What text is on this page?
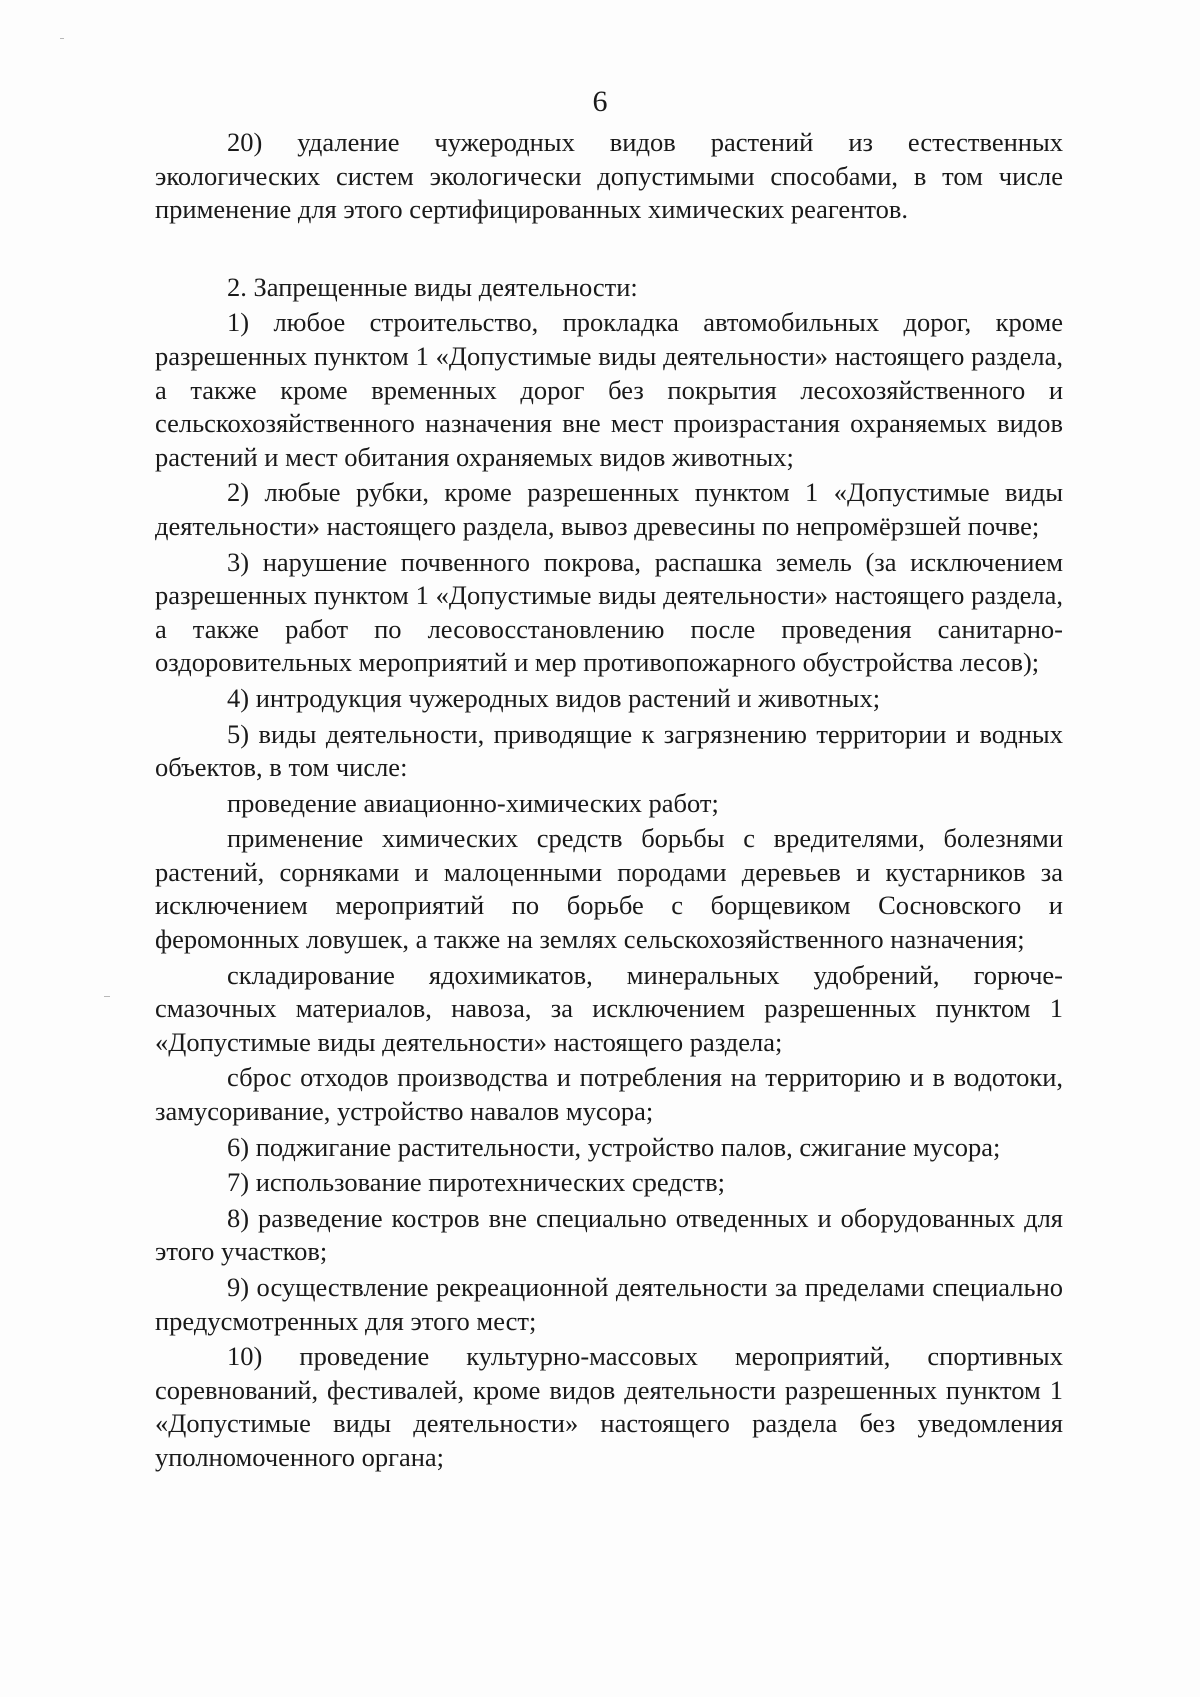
6

20) удаление чужеродных видов растений из естественных экологических систем экологически допустимыми способами, в том числе применение для этого сертифицированных химических реагентов.

2. Запрещенные виды деятельности:

1) любое строительство, прокладка автомобильных дорог, кроме разрешенных пунктом 1 «Допустимые виды деятельности» настоящего раздела, а также кроме временных дорог без покрытия лесохозяйственного и сельскохозяйственного назначения вне мест произрастания охраняемых видов растений и мест обитания охраняемых видов животных;

2) любые рубки, кроме разрешенных пунктом 1 «Допустимые виды деятельности» настоящего раздела, вывоз древесины по непромёрзшей почве;

3) нарушение почвенного покрова, распашка земель (за исключением разрешенных пунктом 1 «Допустимые виды деятельности» настоящего раздела, а также работ по лесовосстановлению после проведения санитарно-оздоровительных мероприятий и мер противопожарного обустройства лесов);

4) интродукция чужеродных видов растений и животных;

5) виды деятельности, приводящие к загрязнению территории и водных объектов, в том числе:

проведение авиационно-химических работ;

применение химических средств борьбы с вредителями, болезнями растений, сорняками и малоценными породами деревьев и кустарников за исключением мероприятий по борьбе с борщевиком Сосновского и феромонных ловушек, а также на землях сельскохозяйственного назначения;

складирование ядохимикатов, минеральных удобрений, горюче-смазочных материалов, навоза, за исключением разрешенных пунктом 1 «Допустимые виды деятельности» настоящего раздела;

сброс отходов производства и потребления на территорию и в водотоки, замусоривание, устройство навалов мусора;

6) поджигание растительности, устройство палов, сжигание мусора;

7) использование пиротехнических средств;

8) разведение костров вне специально отведенных и оборудованных для этого участков;

9) осуществление рекреационной деятельности за пределами специально предусмотренных для этого мест;

10) проведение культурно-массовых мероприятий, спортивных соревнований, фестивалей, кроме видов деятельности разрешенных пунктом 1 «Допустимые виды деятельности» настоящего раздела без уведомления уполномоченного органа;
